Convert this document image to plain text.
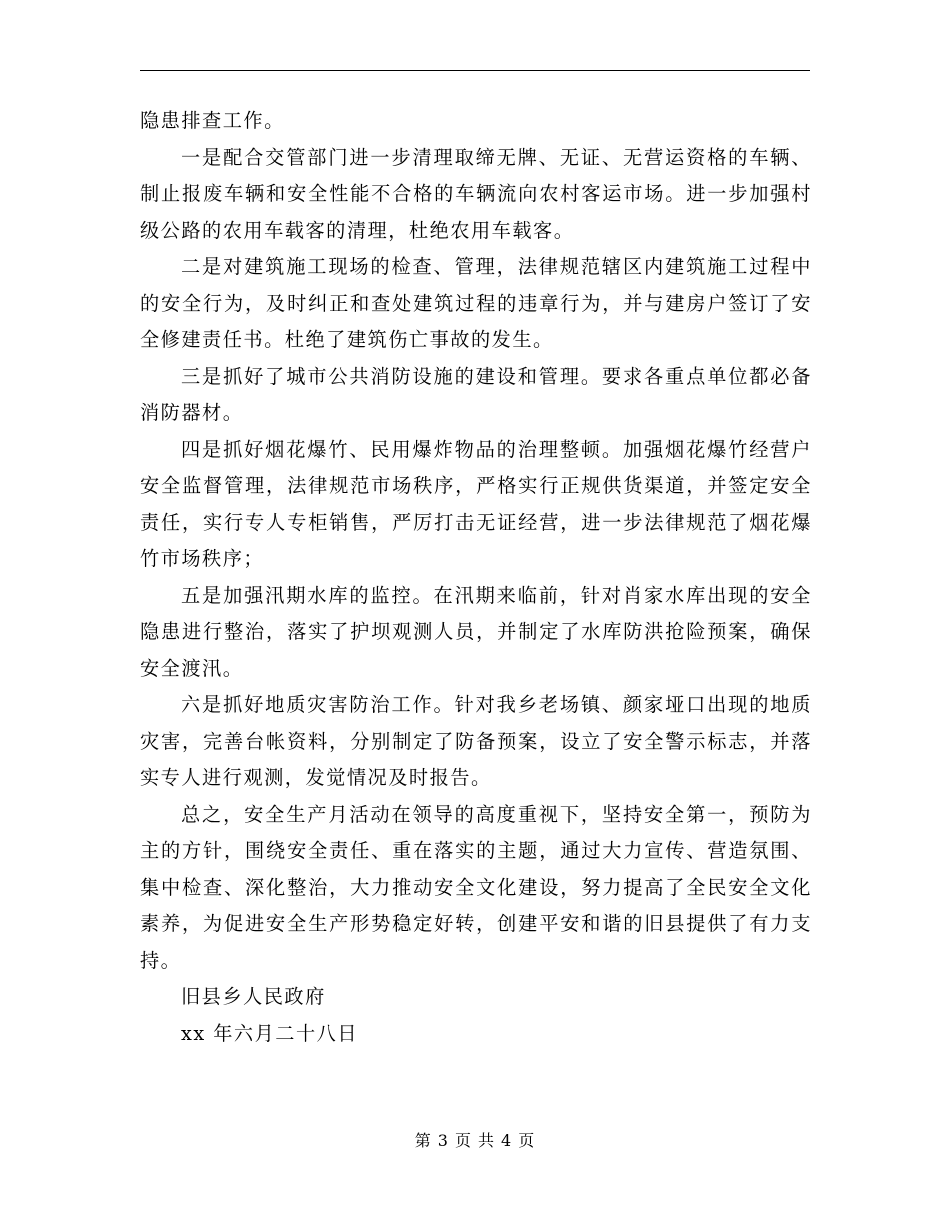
隐患排查工作。

一是配合交管部门进一步清理取缔无牌、无证、无营运资格的车辆、制止报废车辆和安全性能不合格的车辆流向农村客运市场。进一步加强村级公路的农用车载客的清理，杜绝农用车载客。

二是对建筑施工现场的检查、管理，法律规范辖区内建筑施工过程中的安全行为，及时纠正和查处建筑过程的违章行为，并与建房户签订了安全修建责任书。杜绝了建筑伤亡事故的发生。

三是抓好了城市公共消防设施的建设和管理。要求各重点单位都必备消防器材。

四是抓好烟花爆竹、民用爆炸物品的治理整顿。加强烟花爆竹经营户安全监督管理，法律规范市场秩序，严格实行正规供货渠道，并签定安全责任，实行专人专柜销售，严厉打击无证经营，进一步法律规范了烟花爆竹市场秩序；

五是加强汛期水库的监控。在汛期来临前，针对肖家水库出现的安全隐患进行整治，落实了护坝观测人员，并制定了水库防洪抢险预案，确保安全渡汛。

六是抓好地质灾害防治工作。针对我乡老场镇、颜家垭口出现的地质灾害，完善台帐资料，分别制定了防备预案，设立了安全警示标志，并落实专人进行观测，发觉情况及时报告。

总之，安全生产月活动在领导的高度重视下，坚持安全第一，预防为主的方针，围绕安全责任、重在落实的主题，通过大力宣传、营造氛围、集中检查、深化整治，大力推动安全文化建设，努力提高了全民安全文化素养，为促进安全生产形势稳定好转，创建平安和谐的旧县提供了有力支持。

旧县乡人民政府

xx 年六月二十八日

第 3 页 共 4 页
